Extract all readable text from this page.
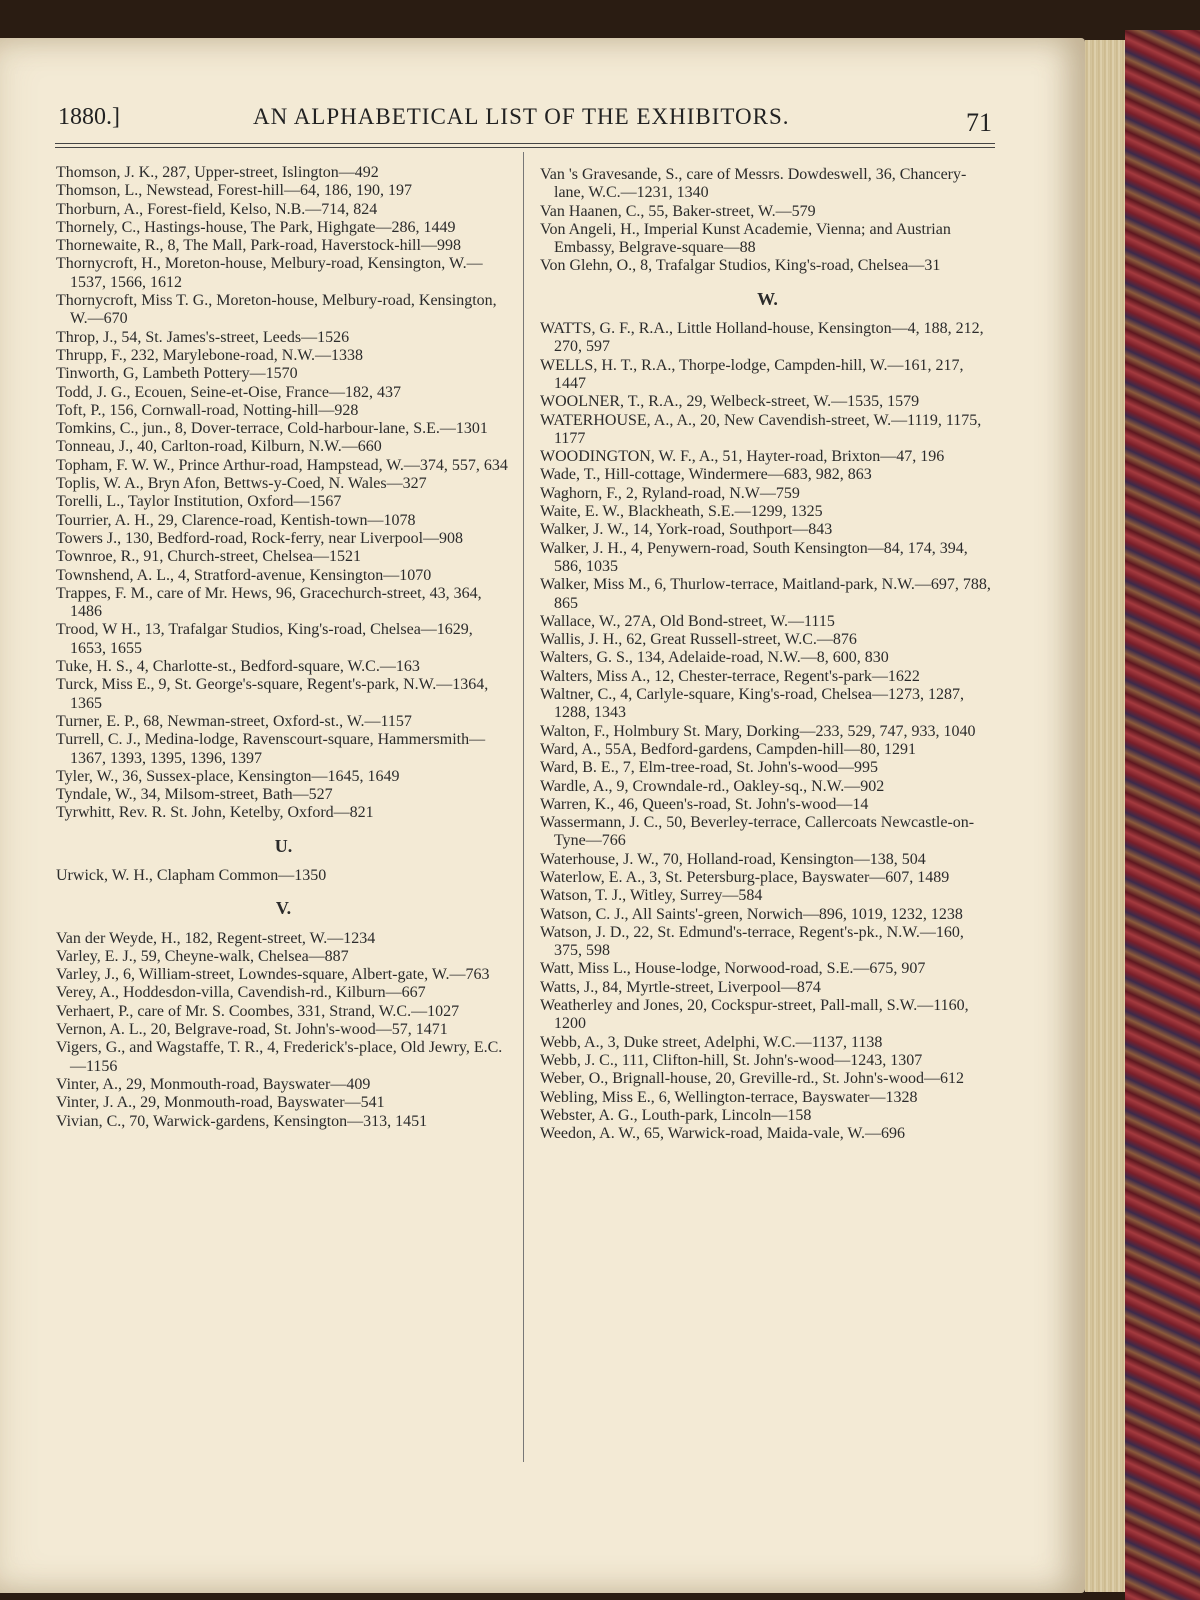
1880.]	AN ALPHABETICAL LIST OF THE EXHIBITORS.	71
Thomson, J. K., 287, Upper-street, Islington—492
Thomson, L., Newstead, Forest-hill—64, 186, 190, 197
Thorburn, A., Forest-field, Kelso, N.B.—714, 824
Thornely, C., Hastings-house, The Park, Highgate—286, 1449
Thornewaite, R., 8, The Mall, Park-road, Haverstock-hill—998
Thornycroft, H., Moreton-house, Melbury-road, Kensington, W.—1537, 1566, 1612
Thornycroft, Miss T. G., Moreton-house, Melbury-road, Kensington, W.—670
Throp, J., 54, St. James's-street, Leeds—1526
Thrupp, F., 232, Marylebone-road, N.W.—1338
Tinworth, G, Lambeth Pottery—1570
Todd, J. G., Ecouen, Seine-et-Oise, France—182, 437
Toft, P., 156, Cornwall-road, Notting-hill—928
Tomkins, C., jun., 8, Dover-terrace, Cold-harbour-lane, S.E.—1301
Tonneau, J., 40, Carlton-road, Kilburn, N.W.—660
Topham, F. W. W., Prince Arthur-road, Hampstead, W.—374, 557, 634
Toplis, W. A., Bryn Afon, Bettws-y-Coed, N. Wales—327
Torelli, L., Taylor Institution, Oxford—1567
Tourrier, A. H., 29, Clarence-road, Kentish-town—1078
Towers J., 130, Bedford-road, Rock-ferry, near Liverpool—908
Townroe, R., 91, Church-street, Chelsea—1521
Townshend, A. L., 4, Stratford-avenue, Kensington—1070
Trappes, F. M., care of Mr. Hews, 96, Gracechurch-street, 43, 364, 1486
Trood, W H., 13, Trafalgar Studios, King's-road, Chelsea—1629, 1653, 1655
Tuke, H. S., 4, Charlotte-st., Bedford-square, W.C.—163
Turck, Miss E., 9, St. George's-square, Regent's-park, N.W.—1364, 1365
Turner, E. P., 68, Newman-street, Oxford-st., W.—1157
Turrell, C. J., Medina-lodge, Ravenscourt-square, Hammersmith—1367, 1393, 1395, 1396, 1397
Tyler, W., 36, Sussex-place, Kensington—1645, 1649
Tyndale, W., 34, Milsom-street, Bath—527
Tyrwhitt, Rev. R. St. John, Ketelby, Oxford—821
U.
Urwick, W. H., Clapham Common—1350
V.
Van der Weyde, H., 182, Regent-street, W.—1234
Varley, E. J., 59, Cheyne-walk, Chelsea—887
Varley, J., 6, William-street, Lowndes-square, Albert-gate, W.—763
Verey, A., Hoddesdon-villa, Cavendish-rd., Kilburn—667
Verhaert, P., care of Mr. S. Coombes, 331, Strand, W.C.—1027
Vernon, A. L., 20, Belgrave-road, St. John's-wood—57, 1471
Vigers, G., and Wagstaffe, T. R., 4, Frederick's-place, Old Jewry, E.C.—1156
Vinter, A., 29, Monmouth-road, Bayswater—409
Vinter, J. A., 29, Monmouth-road, Bayswater—541
Vivian, C., 70, Warwick-gardens, Kensington—313, 1451
Van 's Gravesande, S., care of Messrs. Dowdeswell, 36, Chancery-lane, W.C.—1231, 1340
Van Haanen, C., 55, Baker-street, W.—579
Von Angeli, H., Imperial Kunst Academie, Vienna; and Austrian Embassy, Belgrave-square—88
Von Glehn, O., 8, Trafalgar Studios, King's-road, Chelsea—31
W.
WATTS, G. F., R.A., Little Holland-house, Kensington—4, 188, 212, 270, 597
WELLS, H. T., R.A., Thorpe-lodge, Campden-hill, W.—161, 217, 1447
WOOLNER, T., R.A., 29, Welbeck-street, W.—1535, 1579
WATERHOUSE, A., A., 20, New Cavendish-street, W.—1119, 1175, 1177
WOODINGTON, W. F., A., 51, Hayter-road, Brixton—47, 196
Wade, T., Hill-cottage, Windermere—683, 982, 863
Waghorn, F., 2, Ryland-road, N.W—759
Waite, E. W., Blackheath, S.E.—1299, 1325
Walker, J. W., 14, York-road, Southport—843
Walker, J. H., 4, Penywern-road, South Kensington—84, 174, 394, 586, 1035
Walker, Miss M., 6, Thurlow-terrace, Maitland-park, N.W.—697, 788, 865
Wallace, W., 27A, Old Bond-street, W.—1115
Wallis, J. H., 62, Great Russell-street, W.C.—876
Walters, G. S., 134, Adelaide-road, N.W.—8, 600, 830
Walters, Miss A., 12, Chester-terrace, Regent's-park—1622
Waltner, C., 4, Carlyle-square, King's-road, Chelsea—1273, 1287, 1288, 1343
Walton, F., Holmbury St. Mary, Dorking—233, 529, 747, 933, 1040
Ward, A., 55A, Bedford-gardens, Campden-hill—80, 1291
Ward, B. E., 7, Elm-tree-road, St. John's-wood—995
Wardle, A., 9, Crowndale-rd., Oakley-sq., N.W.—902
Warren, K., 46, Queen's-road, St. John's-wood—14
Wassermann, J. C., 50, Beverley-terrace, Callercoats Newcastle-on-Tyne—766
Waterhouse, J. W., 70, Holland-road, Kensington—138, 504
Waterlow, E. A., 3, St. Petersburg-place, Bayswater—607, 1489
Watson, T. J., Witley, Surrey—584
Watson, C. J., All Saints'-green, Norwich—896, 1019, 1232, 1238
Watson, J. D., 22, St. Edmund's-terrace, Regent's-pk., N.W.—160, 375, 598
Watt, Miss L., House-lodge, Norwood-road, S.E.—675, 907
Watts, J., 84, Myrtle-street, Liverpool—874
Weatherley and Jones, 20, Cockspur-street, Pall-mall, S.W.—1160, 1200
Webb, A., 3, Duke street, Adelphi, W.C.—1137, 1138
Webb, J. C., 111, Clifton-hill, St. John's-wood—1243, 1307
Weber, O., Brignall-house, 20, Greville-rd., St. John's-wood—612
Webling, Miss E., 6, Wellington-terrace, Bayswater—1328
Webster, A. G., Louth-park, Lincoln—158
Weedon, A. W., 65, Warwick-road, Maida-vale, W.—696
